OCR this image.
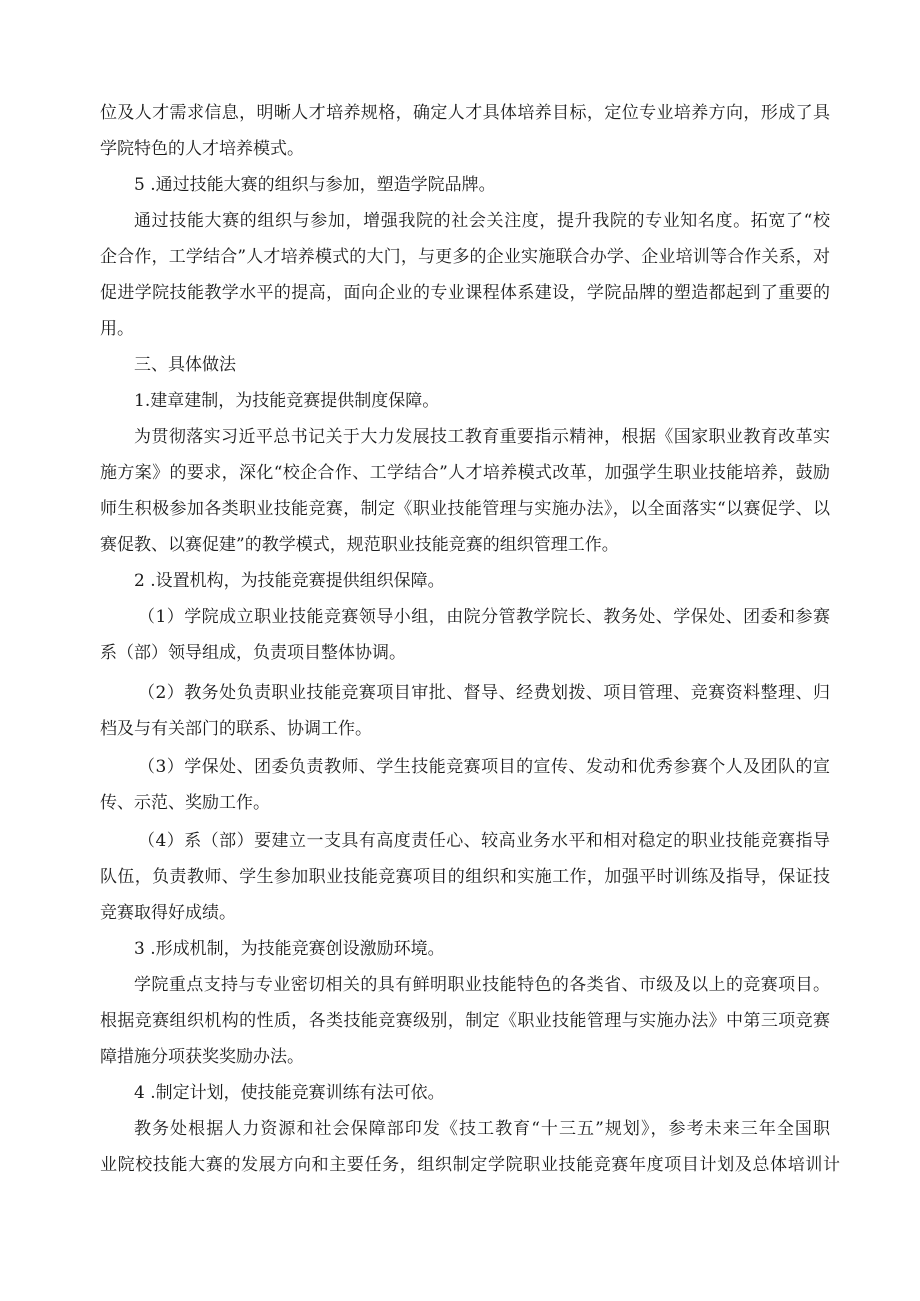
位及人才需求信息，明晰人才培养规格，确定人才具体培养目标，定位专业培养方向，形成了具
学院特色的人才培养模式。
5 .通过技能大赛的组织与参加，塑造学院品牌。
通过技能大赛的组织与参加，增强我院的社会关注度，提升我院的专业知名度。拓宽了“校
企合作，工学结合”人才培养模式的大门，与更多的企业实施联合办学、企业培训等合作关系，对
促进学院技能教学水平的提高，面向企业的专业课程体系建设，学院品牌的塑造都起到了重要的
用。
三、具体做法
1.建章建制，为技能竞赛提供制度保障。
为贯彻落实习近平总书记关于大力发展技工教育重要指示精神，根据《国家职业教育改革实
施方案》的要求，深化“校企合作、工学结合”人才培养模式改革，加强学生职业技能培养，鼓励
师生积极参加各类职业技能竞赛，制定《职业技能管理与实施办法》，以全面落实“以赛促学、以
赛促教、以赛促建”的教学模式，规范职业技能竞赛的组织管理工作。
2 .设置机构，为技能竞赛提供组织保障。
（1）学院成立职业技能竞赛领导小组，由院分管教学院长、教务处、学保处、团委和参赛
系（部）领导组成，负责项目整体协调。
（2）教务处负责职业技能竞赛项目审批、督导、经费划拨、项目管理、竞赛资料整理、归
档及与有关部门的联系、协调工作。
（3）学保处、团委负责教师、学生技能竞赛项目的宣传、发动和优秀参赛个人及团队的宣
传、示范、奖励工作。
（4）系（部）要建立一支具有高度责任心、较高业务水平和相对稳定的职业技能竞赛指导
队伍，负责教师、学生参加职业技能竞赛项目的组织和实施工作，加强平时训练及指导，保证技
竞赛取得好成绩。
3 .形成机制，为技能竞赛创设激励环境。
学院重点支持与专业密切相关的具有鲜明职业技能特色的各类省、市级及以上的竞赛项目。
根据竞赛组织机构的性质，各类技能竞赛级别，制定《职业技能管理与实施办法》中第三项竞赛
障措施分项获奖奖励办法。
4 .制定计划，使技能竞赛训练有法可依。
教务处根据人力资源和社会保障部印发《技工教育“十三五”规划》，参考未来三年全国职
业院校技能大赛的发展方向和主要任务，组织制定学院职业技能竞赛年度项目计划及总体培训计
